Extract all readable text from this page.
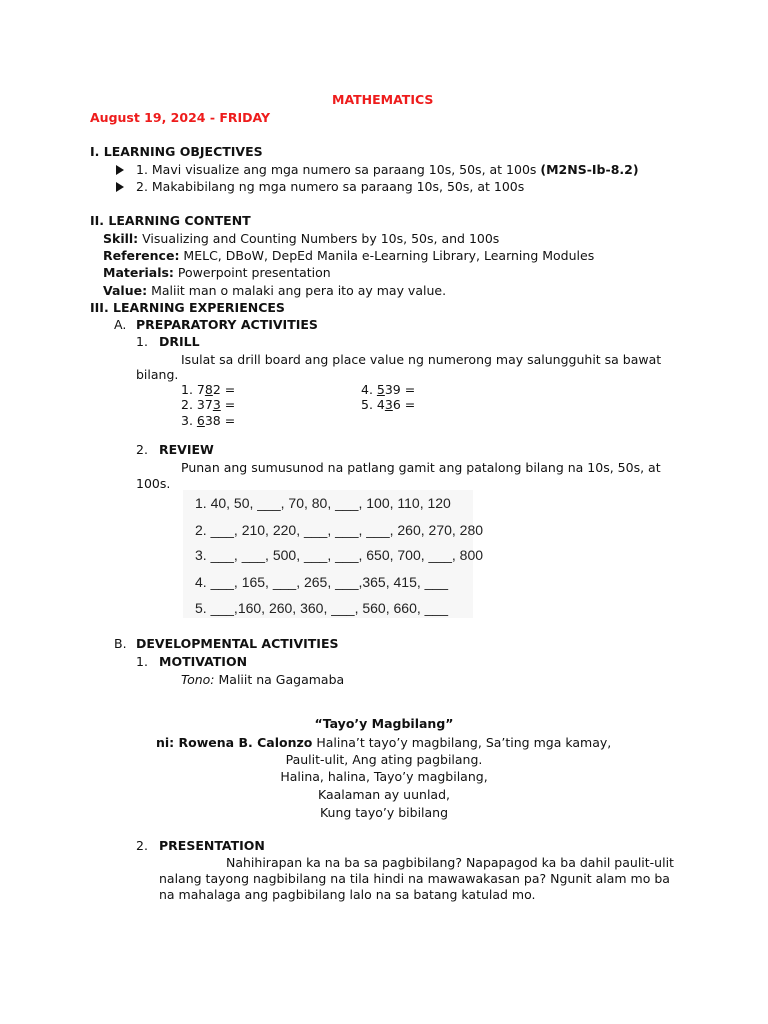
MATHEMATICS
August 19, 2024 - FRIDAY
I. LEARNING OBJECTIVES
1. Mavi visualize ang mga numero sa paraang 10s, 50s, at 100s (M2NS-Ib-8.2)
2. Makabibilang ng mga numero sa paraang 10s, 50s, at 100s
II. LEARNING CONTENT
Skill: Visualizing and Counting Numbers by 10s, 50s, and 100s
Reference: MELC, DBoW, DepEd Manila e-Learning Library, Learning Modules
Materials: Powerpoint presentation
Value: Maliit man o malaki ang pera ito ay may value.
III. LEARNING EXPERIENCES
A. PREPARATORY ACTIVITIES
1. DRILL
Isulat sa drill board ang place value ng numerong may salungguhit sa bawat
bilang.
1. 782 =
2. 373 =
3. 638 =
4. 539 =
5. 436 =
2. REVIEW
Punan ang sumusunod na patlang gamit ang patalong bilang na 10s, 50s, at
100s.
1. 40, 50, ___, 70, 80, ___, 100, 110, 120
2. ___, 210, 220, ___, ___, ___, 260, 270, 280
3. ___, ___, 500, ___, ___, 650, 700, ___, 800
4. ___, 165, ___, 265, ___,365, 415, ___
5. ___,160, 260, 360, ___, 560, 660, ___
B. DEVELOPMENTAL ACTIVITIES
1. MOTIVATION
Tono: Maliit na Gagamaba
“Tayo’y Magbilang”
ni: Rowena B. Calonzo Halina’t tayo’y magbilang, Sa’ting mga kamay,
Paulit-ulit, Ang ating pagbilang.
Halina, halina, Tayo’y magbilang,
Kaalaman ay uunlad,
Kung tayo’y bibilang
2. PRESENTATION
Nahihirapan ka na ba sa pagbibilang? Napapagod ka ba dahil paulit-ulit
nalang tayong nagbibilang na tila hindi na mawawakasan pa? Ngunit alam mo ba
na mahalaga ang pagbibilang lalo na sa batang katulad mo.
